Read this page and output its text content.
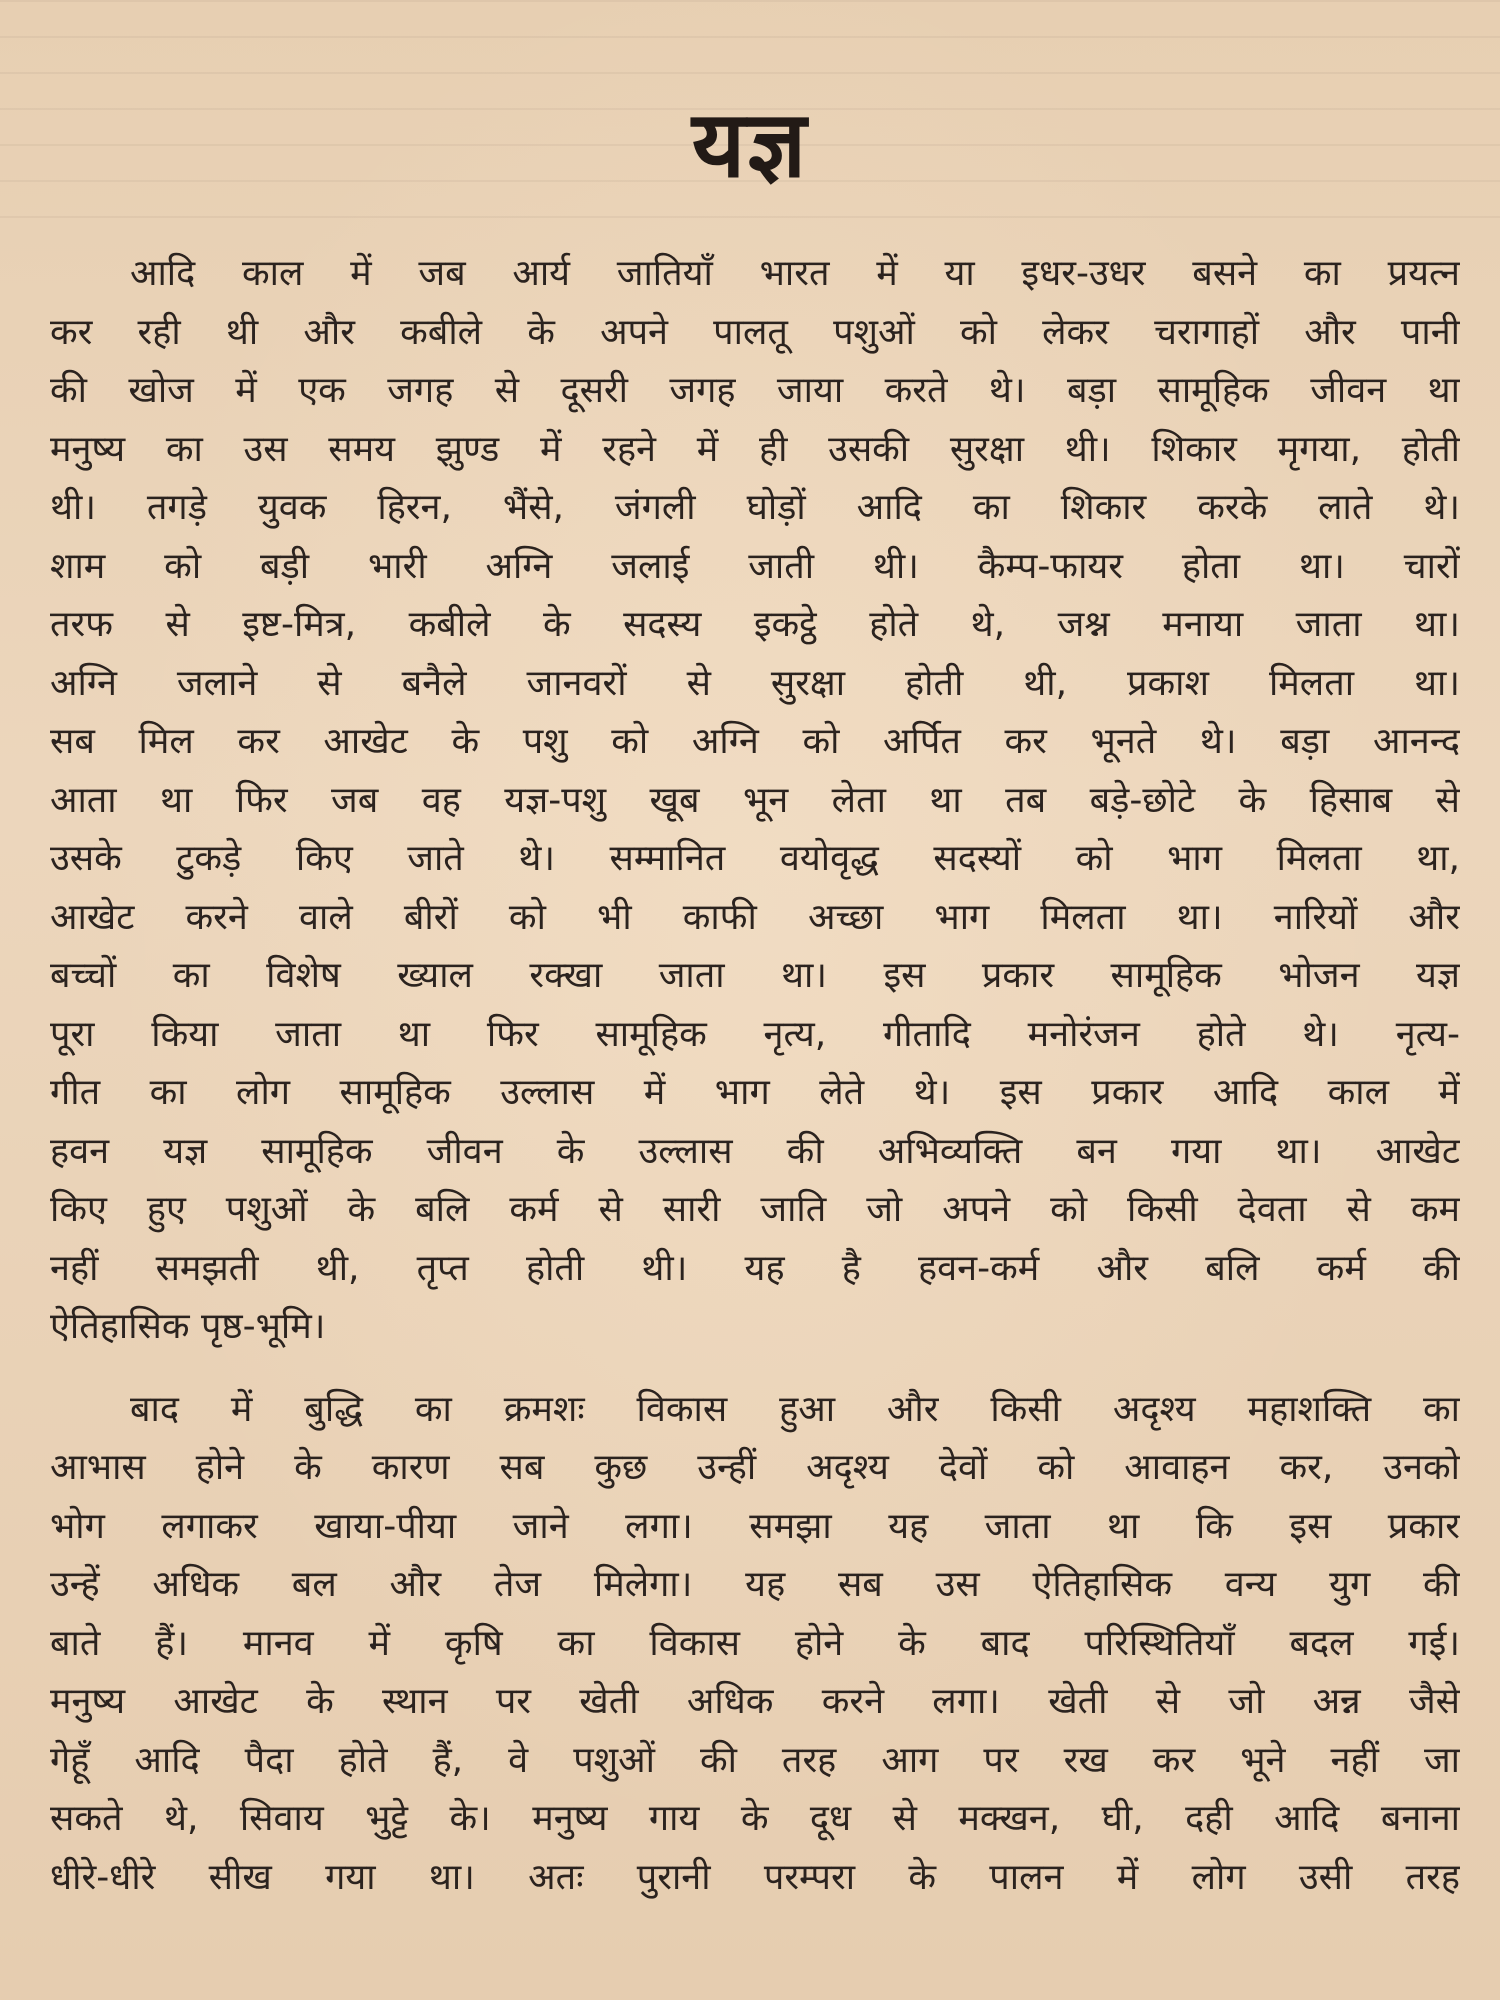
यज्ञ
आदि काल में जब आर्य जातियाँ भारत में या इधर-उधर बसने का प्रयत्न
कर रही थी और कबीले के अपने पालतू पशुओं को लेकर चरागाहों और पानी
की खोज में एक जगह से दूसरी जगह जाया करते थे। बड़ा सामूहिक जीवन था
मनुष्य का उस समय झुण्ड में रहने में ही उसकी सुरक्षा थी। शिकार मृगया, होती
थी। तगड़े युवक हिरन, भैंसे, जंगली घोड़ों आदि का शिकार करके लाते थे।
शाम को बड़ी भारी अग्नि जलाई जाती थी। कैम्प-फायर होता था। चारों
तरफ से इष्ट-मित्र, कबीले के सदस्य इकट्ठे होते थे, जश्न मनाया जाता था।
अग्नि जलाने से बनैले जानवरों से सुरक्षा होती थी, प्रकाश मिलता था।
सब मिल कर आखेट के पशु को अग्नि को अर्पित कर भूनते थे। बड़ा आनन्द
आता था फिर जब वह यज्ञ-पशु खूब भून लेता था तब बड़े-छोटे के हिसाब से
उसके टुकड़े किए जाते थे। सम्मानित वयोवृद्ध सदस्यों को भाग मिलता था,
आखेट करने वाले बीरों को भी काफी अच्छा भाग मिलता था। नारियों और
बच्चों का विशेष ख्याल रक्खा जाता था। इस प्रकार सामूहिक भोजन यज्ञ
पूरा किया जाता था फिर सामूहिक नृत्य, गीतादि मनोरंजन होते थे। नृत्य-
गीत का लोग सामूहिक उल्लास में भाग लेते थे। इस प्रकार आदि काल में
हवन यज्ञ सामूहिक जीवन के उल्लास की अभिव्यक्ति बन गया था। आखेट
किए हुए पशुओं के बलि कर्म से सारी जाति जो अपने को किसी देवता से कम
नहीं समझती थी, तृप्त होती थी। यह है हवन-कर्म और बलि कर्म की
ऐतिहासिक पृष्ठ-भूमि।
बाद में बुद्धि का क्रमशः विकास हुआ और किसी अदृश्य महाशक्ति का
आभास होने के कारण सब कुछ उन्हीं अदृश्य देवों को आवाहन कर, उनको
भोग लगाकर खाया-पीया जाने लगा। समझा यह जाता था कि इस प्रकार
उन्हें अधिक बल और तेज मिलेगा। यह सब उस ऐतिहासिक वन्य युग की
बाते हैं। मानव में कृषि का विकास होने के बाद परिस्थितियाँ बदल गई।
मनुष्य आखेट के स्थान पर खेती अधिक करने लगा। खेती से जो अन्न जैसे
गेहूँ आदि पैदा होते हैं, वे पशुओं की तरह आग पर रख कर भूने नहीं जा
सकते थे, सिवाय भुट्टे के। मनुष्य गाय के दूध से मक्खन, घी, दही आदि बनाना
धीरे-धीरे सीख गया था। अतः पुरानी परम्परा के पालन में लोग उसी तरह
